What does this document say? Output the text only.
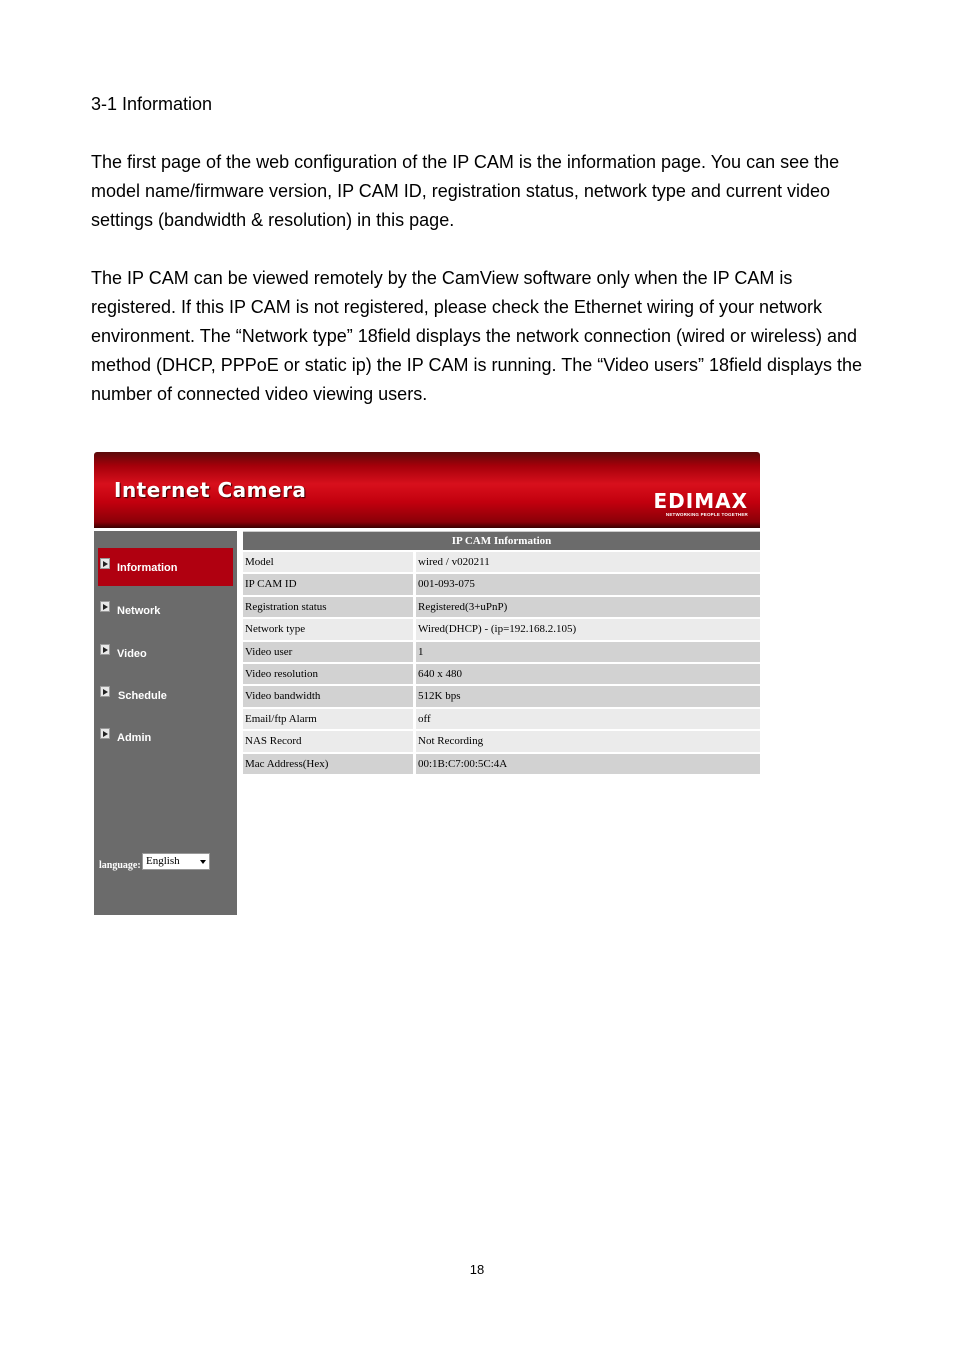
3-1 Information

The first page of the web configuration of the IP CAM is the information page. You can see the model name/firmware version, IP CAM ID, registration status, network type and current video settings (bandwidth & resolution) in this page.

The IP CAM can be viewed remotely by the CamView software only when the IP CAM is registered. If this IP CAM is not registered, please check the Ethernet wiring of your network environment. The “Network type” 18field displays the network connection (wired or wireless) and method (DHCP, PPPoE or static ip) the IP CAM is running. The “Video users” 18field displays the number of connected video viewing users.

Internet Camera	EDIMAX
NETWORKING PEOPLE TOGETHER
Information
Network
Video
Schedule
Admin
language: English
IP CAM Information
Model	wired / v020211
IP CAM ID	001-093-075
Registration status	Registered(3+uPnP)
Network type	Wired(DHCP) - (ip=192.168.2.105)
Video user	1
Video resolution	640 x 480
Video bandwidth	512K bps
Email/ftp Alarm	off
NAS Record	Not Recording
Mac Address(Hex)	00:1B:C7:00:5C:4A
18
